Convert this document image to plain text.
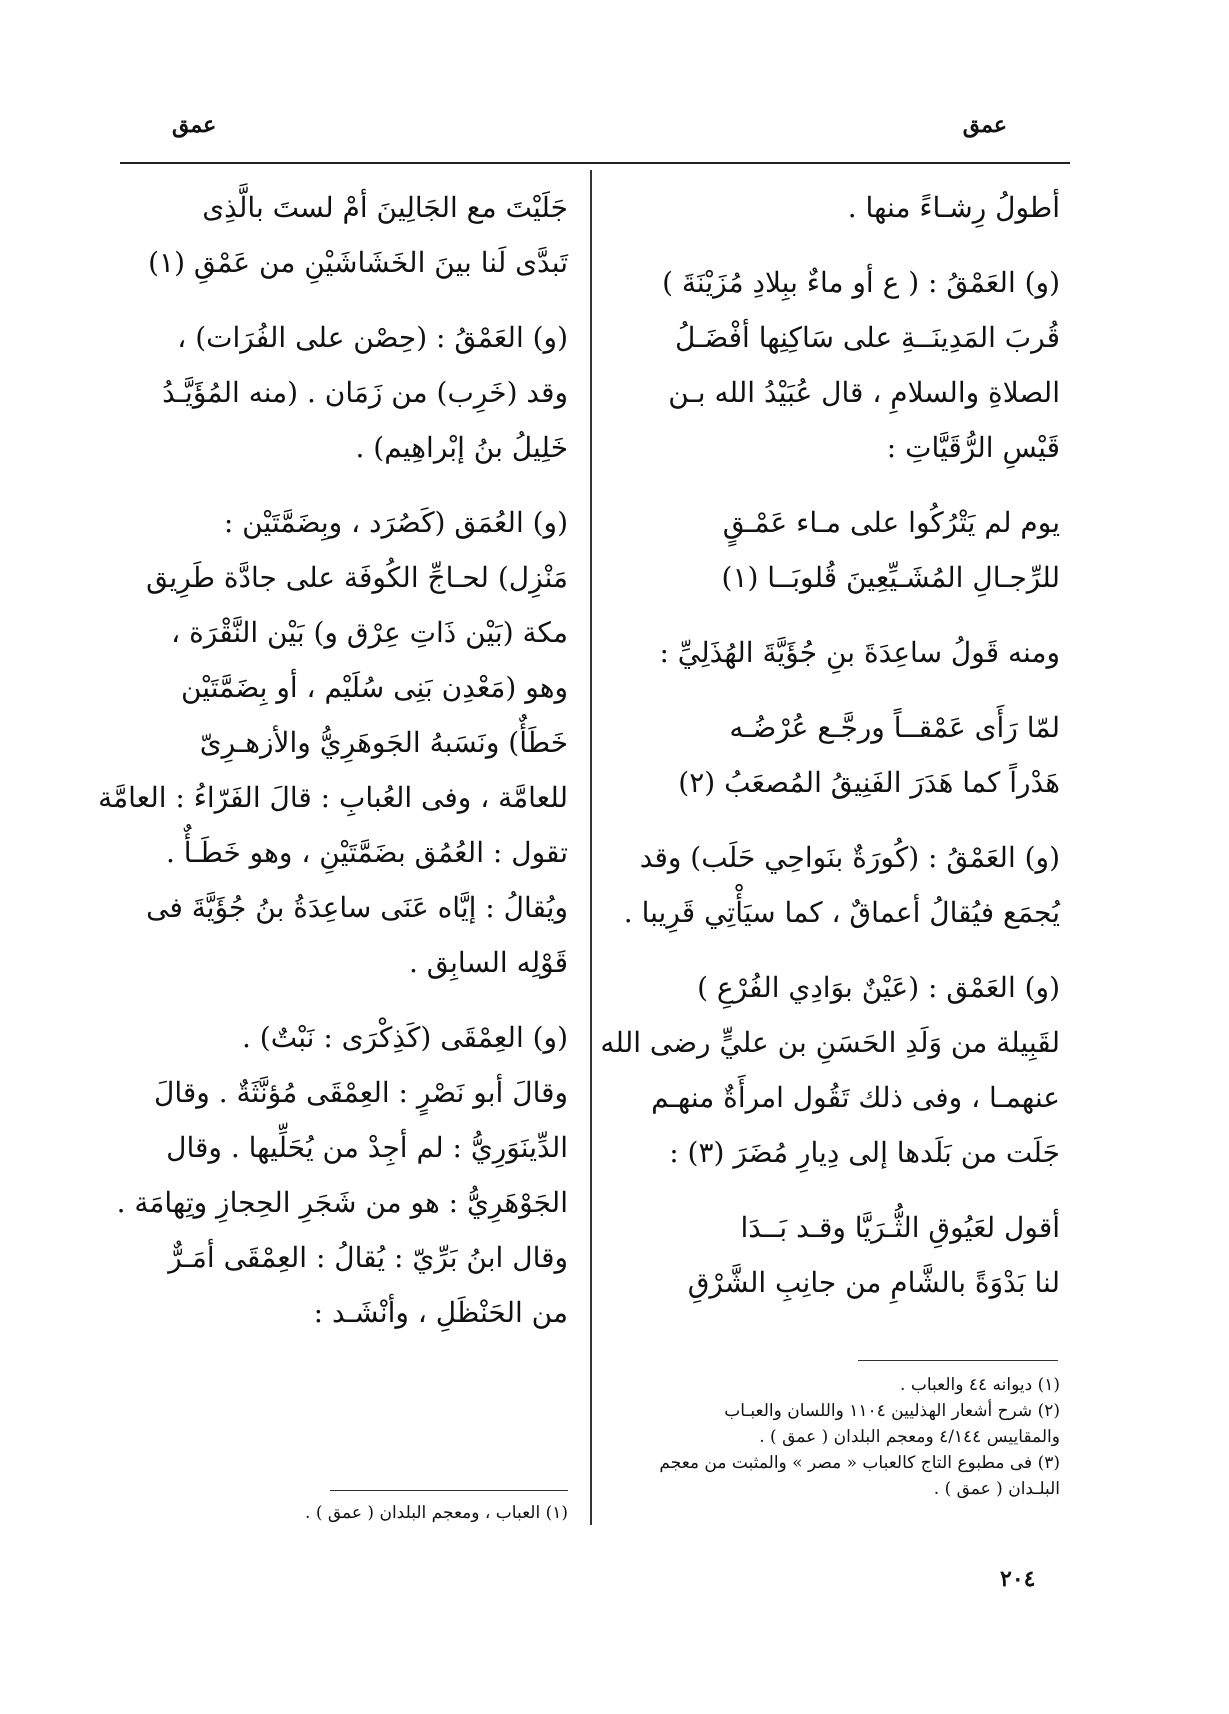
عمق
عمق
أطولُ رِشـاءً منها .
(و) العَمْقُ : ( ع أو ماءٌ ببِلادِ مُزَيْنَةَ )
قُربَ المَدِينَــةِ على سَاكِنِها أفْضَـلُ
الصلاةِ والسلامِ ، قال عُبَيْدُ الله بـن
قَيْسِ الرُّقَيَّاتِ :
يوم لم يَتْرُكُوا على مـاء عَمْـقٍ
للرِّجـالِ المُشَـيِّعِينَ قُلوبَــا (١)
ومنه قَولُ ساعِدَةَ بنِ جُؤَيَّةَ الهُذَلِيِّ :
لمّا رَأَى عَمْقــاً ورجَّـع عُرْضُـه
هَدْراً كما هَدَرَ الفَنِيقُ المُصعَبُ (٢)
(و) العَمْقُ : (كُورَةٌ بنَواحِي حَلَب) وقد
يُجمَع فيُقالُ أعماقٌ ، كما سيَأْتِي قَرِيبا .
(و) العَمْق : (عَيْنٌ بوَادِي الفُرْعِ )
لقَبِيلة من وَلَدِ الحَسَنِ بن عليٍّ رضى الله
عنهمـا ، وفى ذلك تَقُول امرأَةٌ منهـم
جَلَت من بَلَدها إلى دِيارِ مُضَرَ (٣) :
أقول لعَيُوقِ الثُّـرَيَّا وقـد بَــدَا
لنا بَدْوَةً بالشَّامِ من جانِبِ الشَّرْقِ
جَلَيْتَ مع الجَالِينَ أمْ لستَ بالَّذِى
تَبدَّى لَنا بينَ الخَشَاشَيْنِ من عَمْقِ (١)
(و) العَمْقُ : (حِصْن على الفُرَات) ،
وقد (خَرِب) من زَمَان . (منه المُؤَيَّـدُ
خَلِيلُ بنُ إبْراهِيم) .
(و) العُمَق (كَصُرَد ، وبِضَمَّتَيْن :
مَنْزِل) لحـاجِّ الكُوفَة على جادَّة طَرِيق
مكة (بَيْن ذَاتِ عِرْق و) بَيْن النَّقْرَة ،
وهو (مَعْدِن بَنِى سُلَيْم ، أو بِضَمَّتَيْن
خَطَأٌ) ونَسَبهُ الجَوهَرِيُّ والأزهـرِىّ
للعامَّة ، وفى العُبابِ : قالَ الفَرّاءُ : العامَّة
تقول : العُمُق بضَمَّتَيْنِ ، وهو خَطَـأٌ .
ويُقالُ : إيَّاه عَنَى ساعِدَةُ بنُ جُؤَيَّةَ فى
قَوْلِه السابِق .
(و) العِمْقَى (كَذِكْرَى : نَبْتٌ) .
وقالَ أبو نَصْرٍ : العِمْقَى مُؤنَّثَةٌ . وقالَ
الدِّينَوَرِيُّ : لم أجِدْ من يُحَلِّيها . وقال
الجَوْهَرِيُّ : هو من شَجَرِ الحِجازِ وتِهامَة .
وقال ابنُ بَرِّيّ : يُقالُ : العِمْقَى أمَـرٌّ
من الحَنْظَلِ ، وأنْشَـد :
(١) ديوانه ٤٤ والعباب .
(٢) شرح أشعار الهذليين ١١٠٤ واللسان والعبـاب
والمقاييس ٤/١٤٤ ومعجم البلدان ( عمق ) .
(٣) فى مطبوع التاج كالعباب « مصر » والمثبت من معجم
البلـدان ( عمق ) .
(١) العباب ، ومعجم البلدان ( عمق ) .
٢٠٤
